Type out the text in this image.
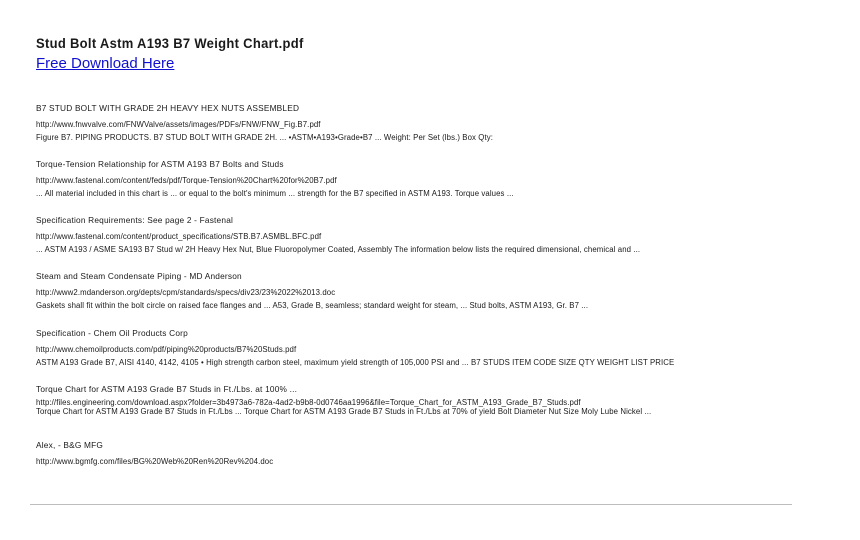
Stud Bolt Astm A193 B7 Weight Chart.pdf
Free Download Here
B7 STUD BOLT WITH GRADE 2H HEAVY HEX NUTS ASSEMBLED
http://www.fnwvalve.com/FNWValve/assets/images/PDFs/FNW/FNW_Fig.B7.pdf
Figure B7. PIPING PRODUCTS. B7 STUD BOLT WITH GRADE 2H. ... •ASTM•A193•Grade•B7 ... Weight: Per Set (lbs.) Box Qty:
Torque-Tension Relationship for ASTM A193 B7 Bolts and Studs
http://www.fastenal.com/content/feds/pdf/Torque-Tension%20Chart%20for%20B7.pdf
... All material included in this chart is ... or equal to the bolt's minimum ... strength for the B7 specified in ASTM A193. Torque values ...
Specification Requirements: See page 2 - Fastenal
http://www.fastenal.com/content/product_specifications/STB.B7.ASMBL.BFC.pdf
... ASTM A193 / ASME SA193 B7 Stud w/ 2H Heavy Hex Nut, Blue Fluoropolymer Coated, Assembly The information below lists the required dimensional, chemical and ...
Steam and Steam Condensate Piping - MD Anderson
http://www2.mdanderson.org/depts/cpm/standards/specs/div23/23%2022%2013.doc
Gaskets shall fit within the bolt circle on raised face flanges and ... A53, Grade B, seamless; standard weight for steam, ... Stud bolts, ASTM A193, Gr. B7 ...
Specification - Chem Oil Products Corp
http://www.chemoilproducts.com/pdf/piping%20products/B7%20Studs.pdf
ASTM A193 Grade B7, AISI 4140, 4142, 4105 • High strength carbon steel, maximum yield strength of 105,000 PSI and ... B7 STUDS ITEM CODE SIZE QTY WEIGHT LIST PRICE
Torque Chart for ASTM A193 Grade B7 Studs in Ft./Lbs. at 100% ...
http://files.engineering.com/download.aspx?folder=3b4973a6-782a-4ad2-b9b8-0d0746aa1996&file=Torque_Chart_for_ASTM_A193_Grade_B7_Studs.pdf
Torque Chart for ASTM A193 Grade B7 Studs in Ft./Lbs ... Torque Chart for ASTM A193 Grade B7 Studs in Ft./Lbs at 70% of yield Bolt Diameter Nut Size Moly Lube Nickel ...
Alex, - B&G MFG
http://www.bgmfg.com/files/BG%20Web%20Ren%20Rev%204.doc
